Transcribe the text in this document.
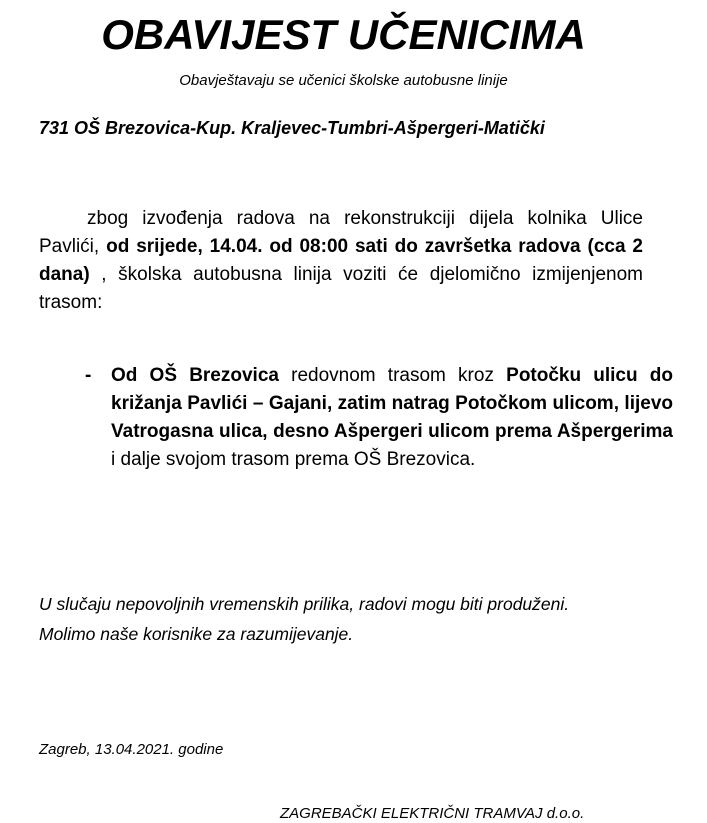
OBAVIJEST UČENICIMA
Obavještavaju se učenici školske autobusne linije
731 OŠ Brezovica-Kup. Kraljevec-Tumbri-Ašpergeri-Matički
zbog izvođenja radova na rekonstrukciji dijela kolnika Ulice Pavlići, od srijede, 14.04. od 08:00 sati do završetka radova (cca 2 dana) , školska autobusna linija voziti će djelomično izmijenjenom trasom:
- Od OŠ Brezovica redovnom trasom kroz Potočku ulicu do križanja Pavlići – Gajani, zatim natrag Potočkom ulicom, lijevo Vatrogasna ulica, desno Ašpergeri ulicom prema Ašpergerima i dalje svojom trasom prema OŠ Brezovica.
U slučaju nepovoljnih vremenskih prilika, radovi mogu biti produženi.
Molimo naše korisnike za razumijevanje.
Zagreb, 13.04.2021. godine
ZAGREBAČKI ELEKTRIČNI TRAMVAJ d.o.o.
